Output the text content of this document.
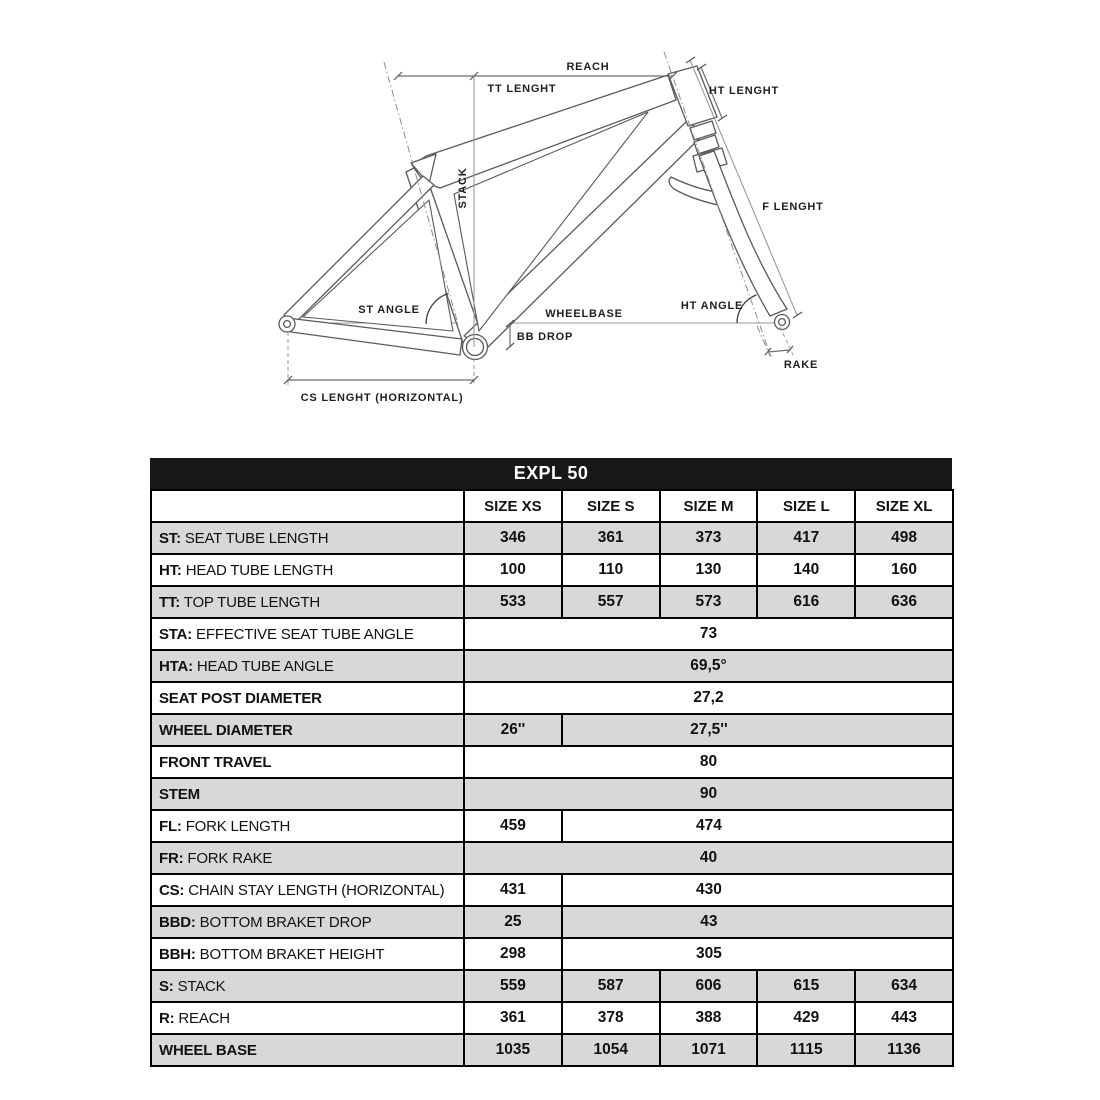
REACH
TT LENGHT	HT LENGHT
STACK	F LENGHT
ST ANGLE	WHEELBASE
BB DROP
HT ANGLE
RAKE
CS LENGHT (HORIZONTAL)
EXPL 50
	SIZE XS	SIZE S	SIZE M	SIZE L	SIZE XL
ST: SEAT TUBE LENGTH	346	361	373	417	498
HT: HEAD TUBE LENGTH	100	110	130	140	160
TT: TOP TUBE LENGTH	533	557	573	616	636
STA: EFFECTIVE SEAT TUBE ANGLE	73				
HTA: HEAD TUBE ANGLE	69,5°				
SEAT POST DIAMETER	27,2				
WHEEL DIAMETER	26''	27,5''			
FRONT TRAVEL	80				
STEM	90				
FL: FORK LENGTH	459	474			
FR: FORK RAKE	40				
CS: CHAIN STAY LENGTH (HORIZONTAL)	431	430			
BBD: BOTTOM BRAKET DROP	25	43			
BBH: BOTTOM BRAKET HEIGHT	298	305			
S: STACK	559	587	606	615	634
R: REACH	361	378	388	429	443
WHEEL BASE	1035	1054	1071	1115	1136
